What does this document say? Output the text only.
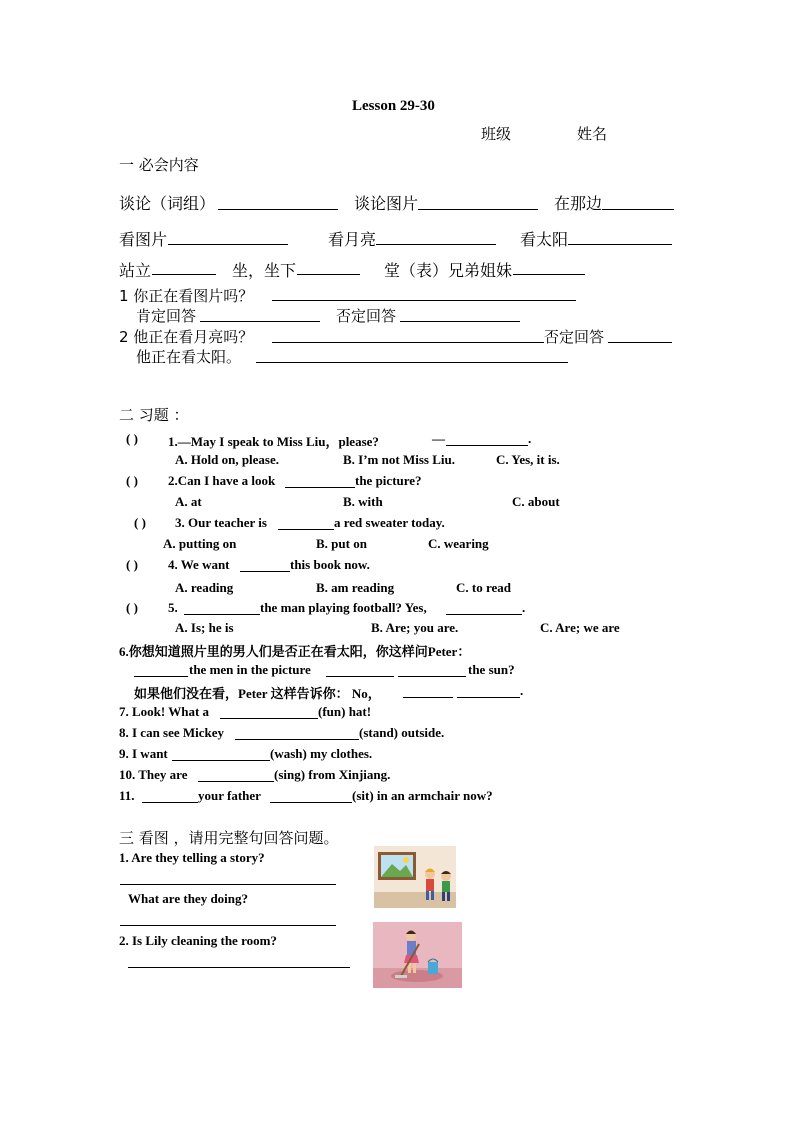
Lesson 29-30
班级	姓名
一 必会内容
谈论（词组）	谈论图片	在那边
看图片	看月亮	看太阳
站立	坐，坐下	堂（表）兄弟姐妹
1 你正在看图片吗？
肯定回答	否定回答
2 他正在看月亮吗？	否定回答
他正在看太阳。
二 习题 ：
( ) 1.—May I speak to Miss Liu，please?	—	.
A. Hold on, please.	B. I’m not Miss Liu.	C. Yes, it is.
( ) 2.Can I have a look	the picture?
A. at	B. with	C. about
( ) 3. Our teacher is	a red sweater today.
A. putting on	B. put on	C. wearing
( ) 4. We want	this book now.
A. reading	B. am reading	C. to read
( ) 5.	the man playing football? Yes,	.
A. Is; he is	B. Are; you are.	C. Are; we are
6.你想知道照片里的男人们是否正在看太阳，你这样问Peter：
the men in the picture	the sun?
如果他们没在看，Peter 这样告诉你： No，	.
7. Look! What a	(fun) hat!
8. I can see Mickey	(stand) outside.
9. I want	(wash) my clothes.
10. They are	(sing) from Xinjiang.
11.	your father	(sit) in an armchair now?
三 看图 ，请用完整句回答问题。
1. Are they telling a story?
What are they doing?
2. Is Lily cleaning the room?
